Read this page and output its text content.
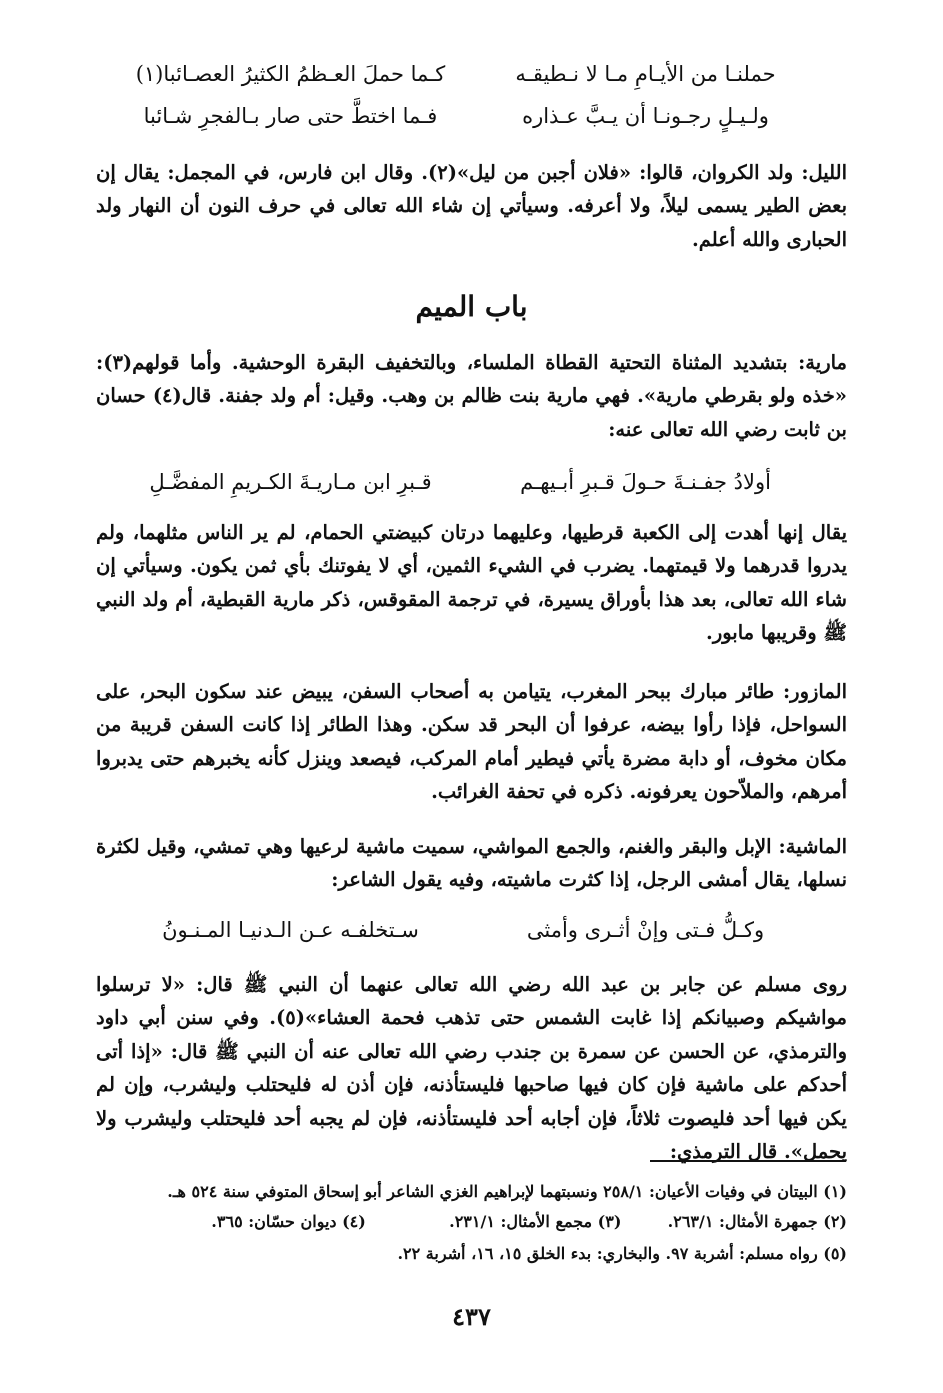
حملنـا من الأيـامِ مـا لا نـطيقـه
كـما حملَ العـظمُ الكثيرُ العصـائبا(١)
ولـيـلٍ رجـونـا أن يـبَّ عـذاره
فـما اختطَّ حتى صار بـالفجرِ شـائبا
الليل: ولد الكروان، قالوا: «فلان أجبن من ليل»(٢). وقال ابن فارس، في المجمل: يقال إن بعض الطير يسمى ليلاً، ولا أعرفه. وسيأتي إن شاء الله تعالى في حرف النون أن النهار ولد الحبارى والله أعلم.
باب الميم
مارية: بتشديد المثناة التحتية القطاة الملساء، وبالتخفيف البقرة الوحشية. وأما قولهم(٣): «خذه ولو بقرطي مارية». فهي مارية بنت ظالم بن وهب. وقيل: أم ولد جفنة. قال(٤) حسان بن ثابت رضي الله تعالى عنه:
أولادُ جفـنـةَ حـولَ قـبرِ أبـيهـم
قـبرِ ابن مـاريـةَ الكـريمِ المفضَّـلِ
يقال إنها أهدت إلى الكعبة قرطيها، وعليهما درتان كبيضتي الحمام، لم ير الناس مثلهما، ولم يدروا قدرهما ولا قيمتهما. يضرب في الشيء الثمين، أي لا يفوتنك بأي ثمن يكون. وسيأتي إن شاء الله تعالى، بعد هذا بأوراق يسيرة، في ترجمة المقوقس، ذكر مارية القبطية، أم ولد النبي ﷺ وقريبها مابور.
المازور: طائر مبارك ببحر المغرب، يتيامن به أصحاب السفن، يبيض عند سكون البحر، على السواحل، فإذا رأوا بيضه، عرفوا أن البحر قد سكن. وهذا الطائر إذا كانت السفن قريبة من مكان مخوف، أو دابة مضرة يأتي فيطير أمام المركب، فيصعد وينزل كأنه يخبرهم حتى يدبروا أمرهم، والملاّحون يعرفونه. ذكره في تحفة الغرائب.
الماشية: الإبل والبقر والغنم، والجمع المواشي، سميت ماشية لرعيها وهي تمشي، وقيل لكثرة نسلها، يقال أمشى الرجل، إذا كثرت ماشيته، وفيه يقول الشاعر:
وكـلُّ فـتى وإنْ أثـرى وأمثى
سـتخلفـه عـن الـدنيـا المـنـونُ
روى مسلم عن جابر بن عبد الله رضي الله تعالى عنهما أن النبي ﷺ قال: «لا ترسلوا مواشيكم وصبيانكم إذا غابت الشمس حتى تذهب فحمة العشاء»(٥). وفي سنن أبي داود والترمذي، عن الحسن عن سمرة بن جندب رضي الله تعالى عنه أن النبي ﷺ قال: «إذا أتى أحدكم على ماشية فإن كان فيها صاحبها فليستأذنه، فإن أذن له فليحتلب وليشرب، وإن لم يكن فيها أحد فليصوت ثلاثاً، فإن أجابه أحد فليستأذنه، فإن لم يجبه أحد فليحتلب وليشرب ولا يحمل». قال الترمذي:
(١) البيتان في وفيات الأعيان: ٢٥٨/١ ونسبتهما لإبراهيم الغزي الشاعر أبو إسحاق المتوفي سنة ٥٢٤ هـ.
(٢) جمهرة الأمثال: ٢٦٣/١. (٣) مجمع الأمثال: ٢٣١/١. (٤) ديوان حسّان: ٣٦٥.
(٥) رواه مسلم: أشربة ٩٧. والبخاري: بدء الخلق ١٥، ١٦، أشربة ٢٢.
٤٣٧
